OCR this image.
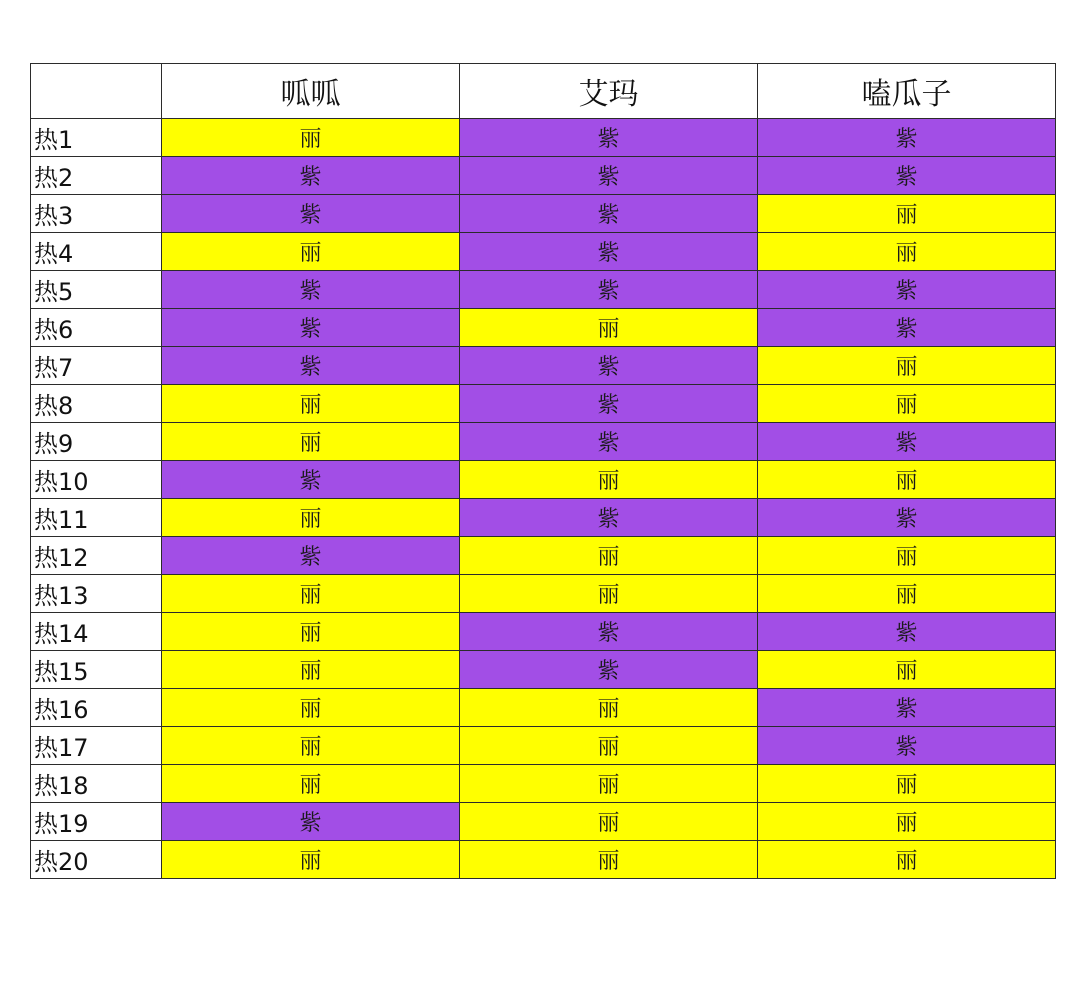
	呱呱	艾玛	嗑瓜子
热1	丽	紫	紫
热2	紫	紫	紫
热3	紫	紫	丽
热4	丽	紫	丽
热5	紫	紫	紫
热6	紫	丽	紫
热7	紫	紫	丽
热8	丽	紫	丽
热9	丽	紫	紫
热10	紫	丽	丽
热11	丽	紫	紫
热12	紫	丽	丽
热13	丽	丽	丽
热14	丽	紫	紫
热15	丽	紫	丽
热16	丽	丽	紫
热17	丽	丽	紫
热18	丽	丽	丽
热19	紫	丽	丽
热20	丽	丽	丽
